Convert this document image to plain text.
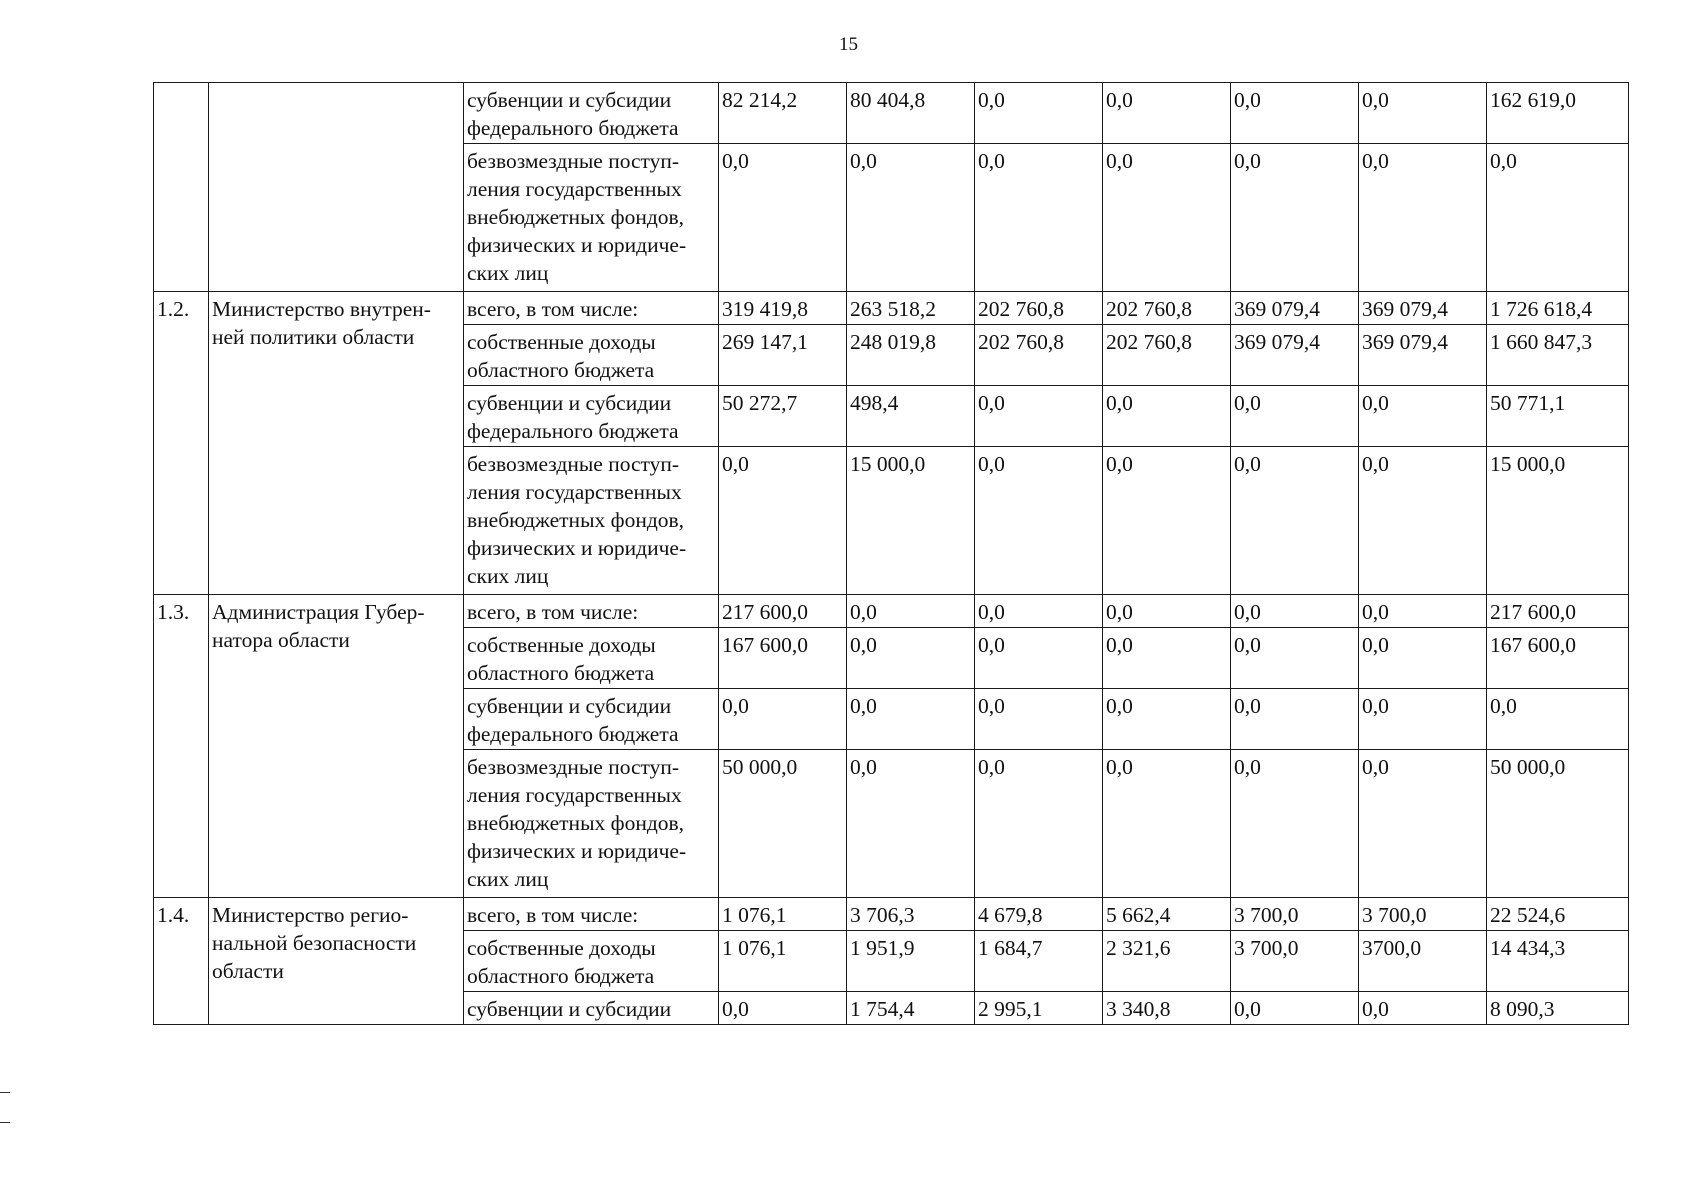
15
		субвенции и субсидии федерального бюджета	82 214,2	80 404,8	0,0	0,0	0,0	0,0	162 619,0
		безвозмездные поступ-ления государственных внебюджетных фондов, физических и юридиче-ских лиц	0,0	0,0	0,0	0,0	0,0	0,0	0,0
1.2.	Министерство внутрен-ней политики области	всего, в том числе:	319 419,8	263 518,2	202 760,8	202 760,8	369 079,4	369 079,4	1 726 618,4
		собственные доходы областного бюджета	269 147,1	248 019,8	202 760,8	202 760,8	369 079,4	369 079,4	1 660 847,3
		субвенции и субсидии федерального бюджета	50 272,7	498,4	0,0	0,0	0,0	0,0	50 771,1
		безвозмездные поступ-ления государственных внебюджетных фондов, физических и юридиче-ских лиц	0,0	15 000,0	0,0	0,0	0,0	0,0	15 000,0
1.3.	Администрация Губер-натора области	всего, в том числе:	217 600,0	0,0	0,0	0,0	0,0	0,0	217 600,0
		собственные доходы областного бюджета	167 600,0	0,0	0,0	0,0	0,0	0,0	167 600,0
		субвенции и субсидии федерального бюджета	0,0	0,0	0,0	0,0	0,0	0,0	0,0
		безвозмездные поступ-ления государственных внебюджетных фондов, физических и юридиче-ских лиц	50 000,0	0,0	0,0	0,0	0,0	0,0	50 000,0
1.4.	Министерство регио-нальной безопасности области	всего, в том числе:	1 076,1	3 706,3	4 679,8	5 662,4	3 700,0	3 700,0	22 524,6
		собственные доходы областного бюджета	1 076,1	1 951,9	1 684,7	2 321,6	3 700,0	3700,0	14 434,3
		субвенции и субсидии	0,0	1 754,4	2 995,1	3 340,8	0,0	0,0	8 090,3
